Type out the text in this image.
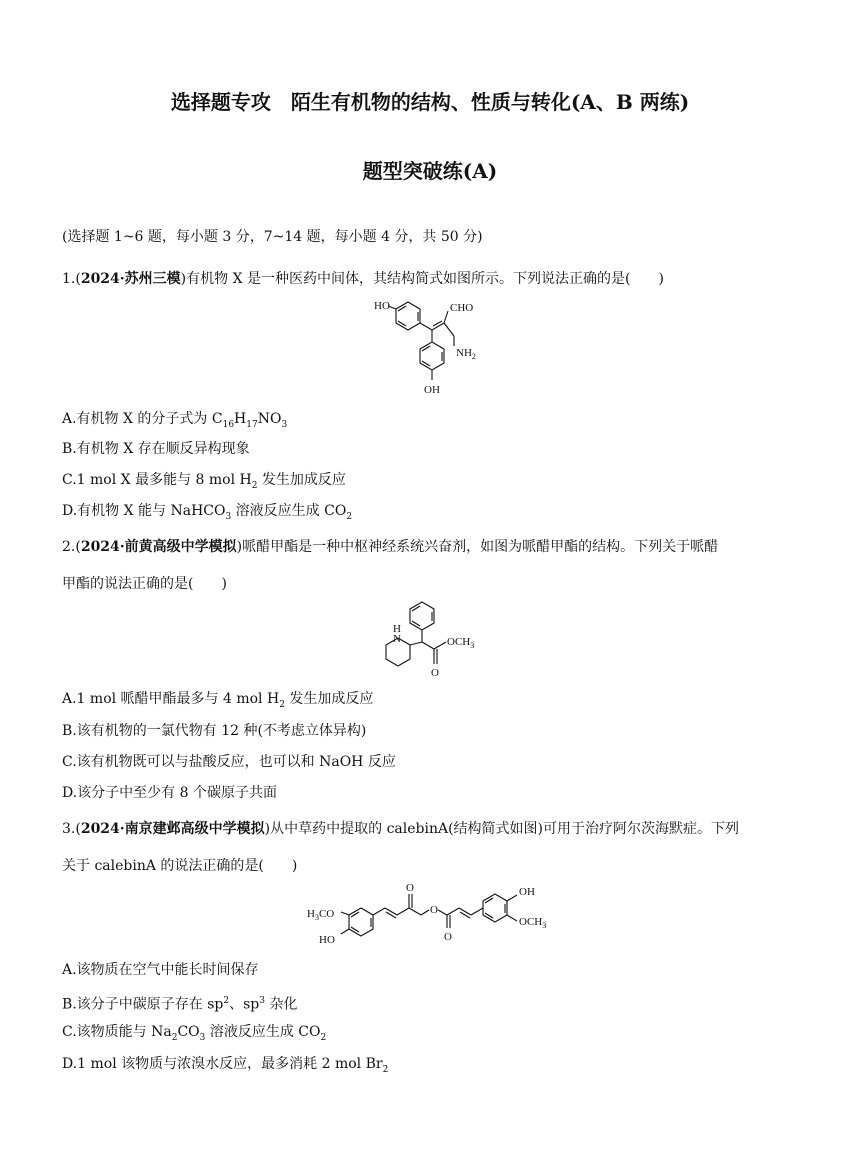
选择题专攻　陌生有机物的结构、性质与转化(A、B 两练)
题型突破练(A)
(选择题 1~6 题，每小题 3 分，7~14 题，每小题 4 分，共 50 分)
1.(2024·苏州三模)有机物 X 是一种医药中间体，其结构简式如图所示。下列说法正确的是(　　)
HO	CHO
$NH_2$
OH
A.有机物 X 的分子式为 $C_{16}H_{17}NO_3$
B.有机物 X 存在顺反异构现象
C.1 mol X 最多能与 8 mol $H_2$ 发生加成反应
D.有机物 X 能与 NaHCO$_3$ 溶液反应生成 $CO_2$
2.(2024·前黄高级中学模拟)哌醋甲酯是一种中枢神经系统兴奋剂，如图为哌醋甲酯的结构。下列关于哌醋
甲酯的说法正确的是(　　)
H
N
O
$OCH_3$
A.1 mol 哌醋甲酯最多与 4 mol $H_2$ 发生加成反应
B.该有机物的一氯代物有 12 种(不考虑立体异构)
C.该有机物既可以与盐酸反应，也可以和 NaOH 反应
D.该分子中至少有 8 个碳原子共面
3.(2024·南京建邺高级中学模拟)从中草药中提取的 calebinA(结构简式如图)可用于治疗阿尔茨海默症。下列
关于 calebinA 的说法正确的是(　　)
$H_3CO$
HO
O
O
O
OH
$OCH_3$
A.该物质在空气中能长时间保存
B.该分子中碳原子存在 $sp^2$、$sp^3$ 杂化
C.该物质能与 $Na_2CO_3$ 溶液反应生成 $CO_2$
D.1 mol 该物质与浓溴水反应，最多消耗 2 mol $Br_2$
